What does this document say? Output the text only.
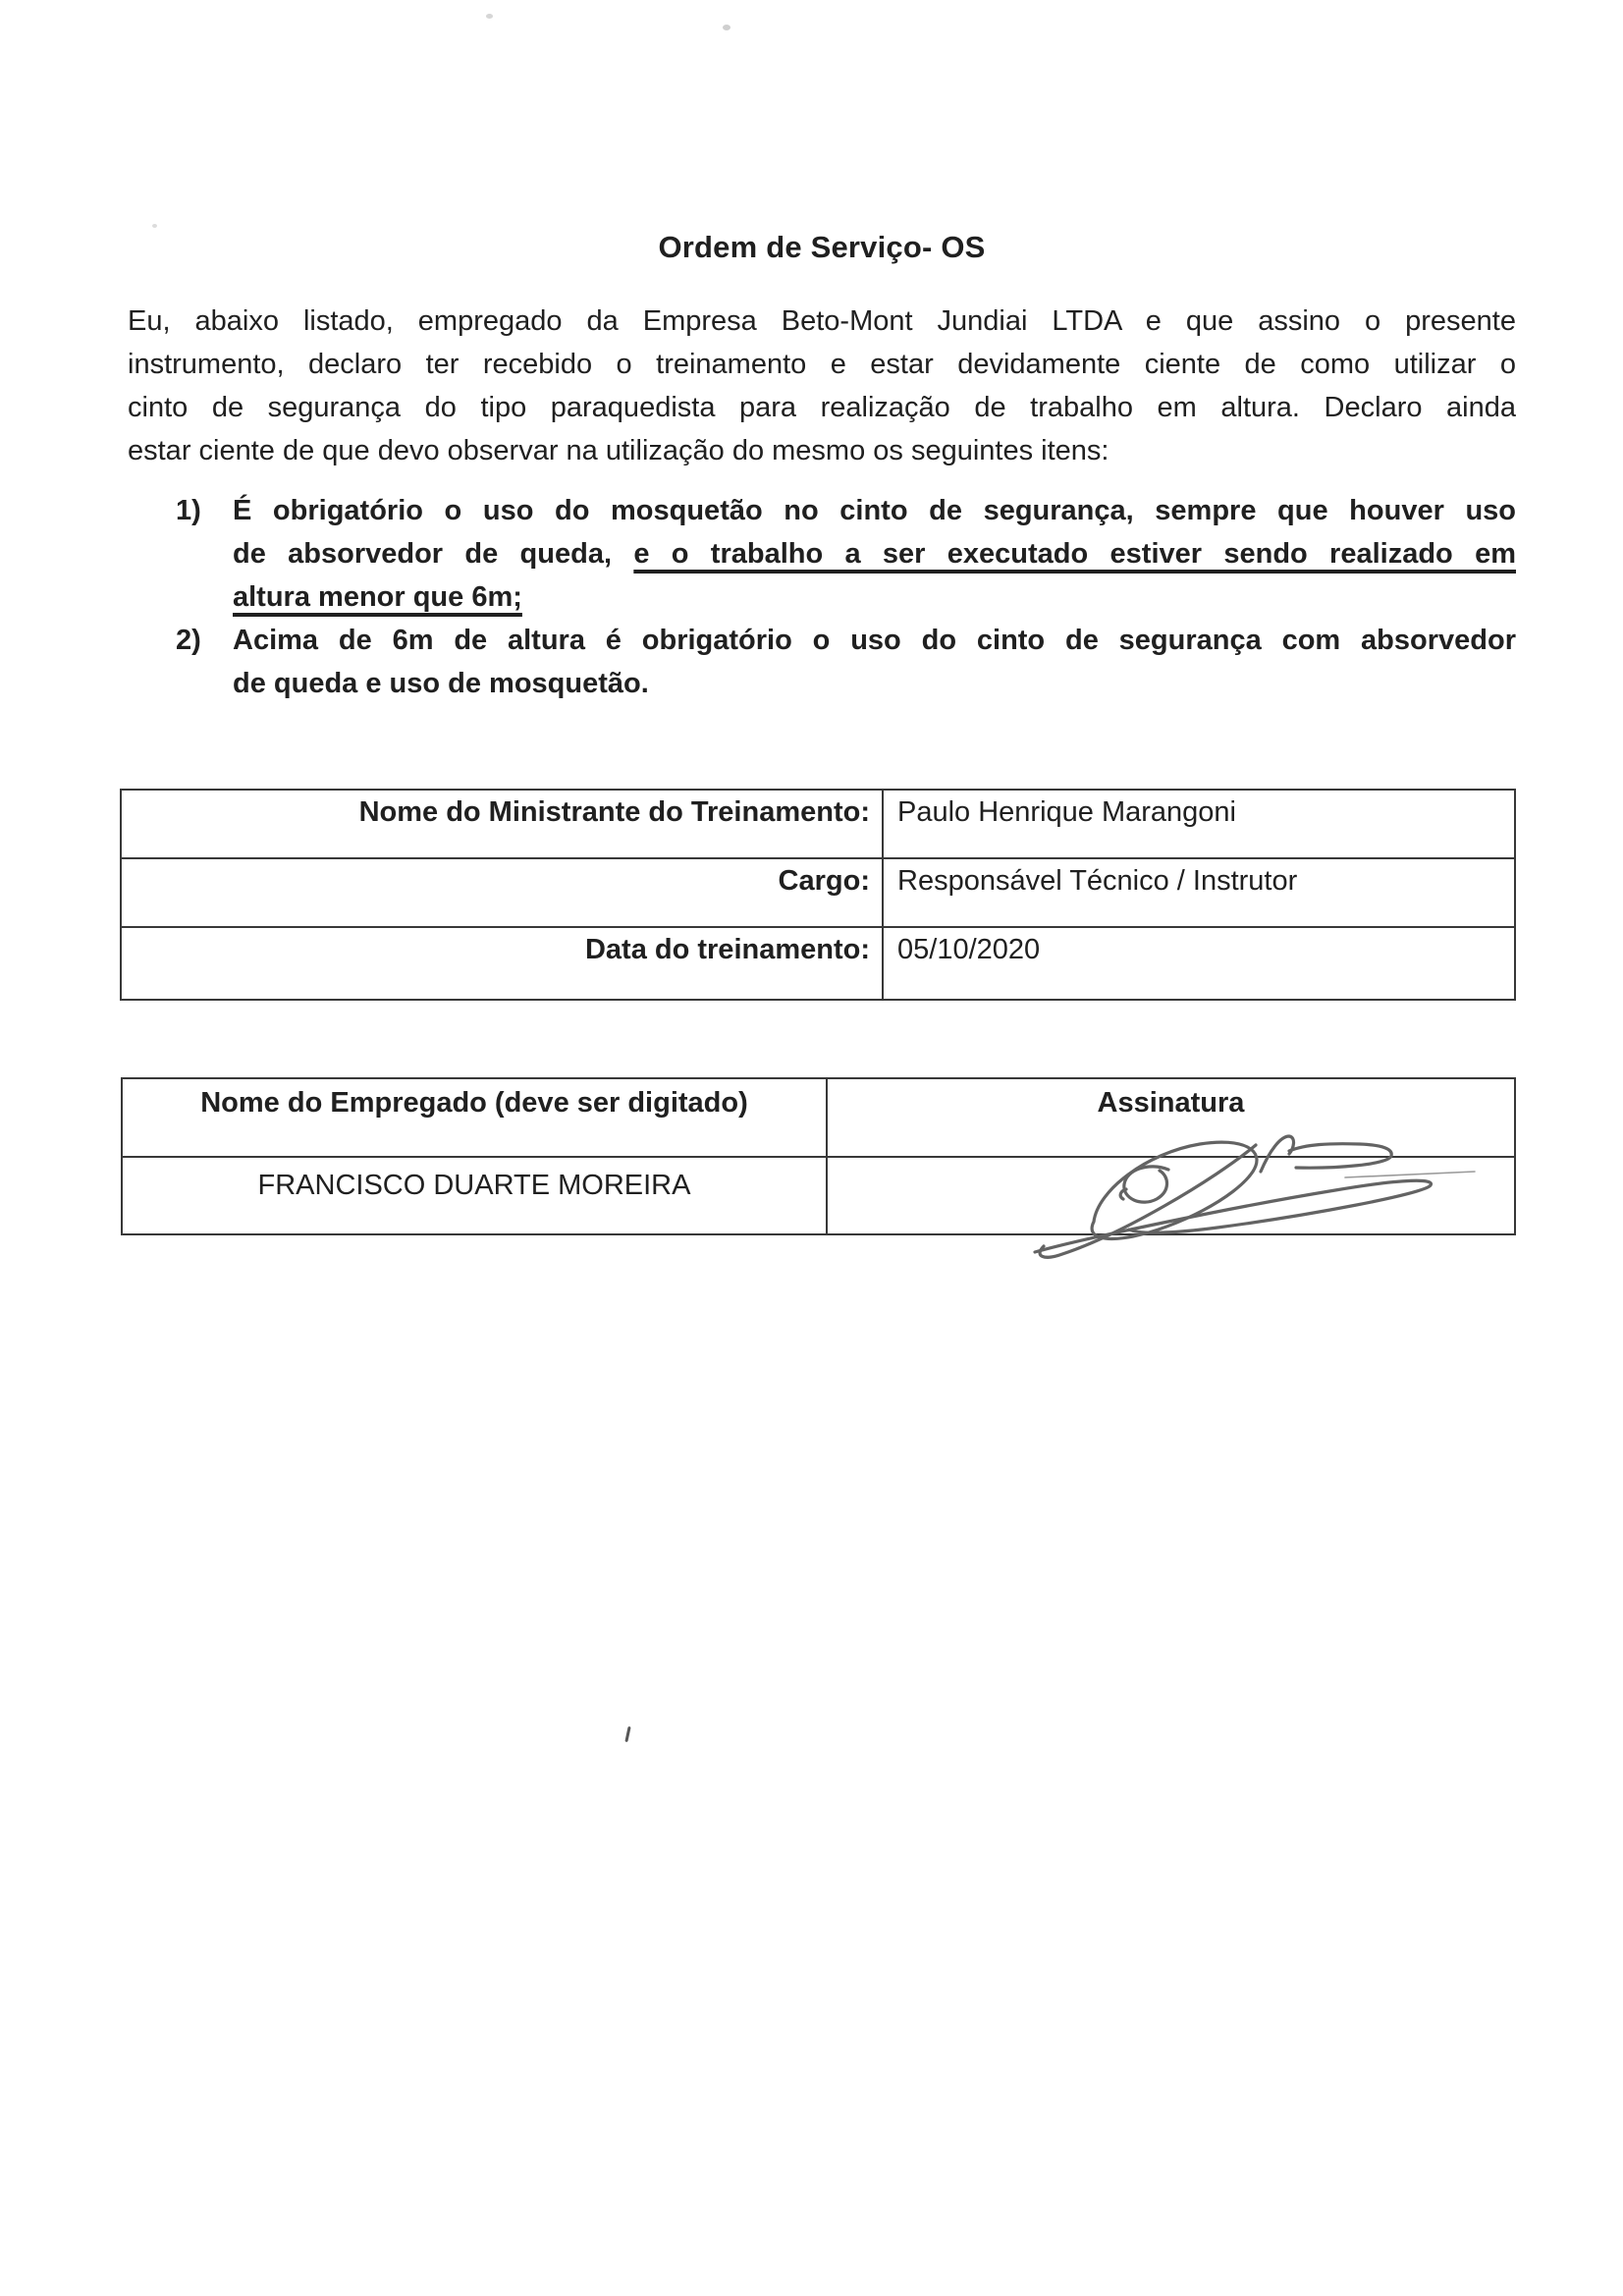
Ordem de Serviço- OS
Eu, abaixo listado, empregado da Empresa Beto-Mont Jundiai LTDA e que assino o presente
instrumento, declaro ter recebido o treinamento e estar devidamente ciente de como utilizar o
cinto de segurança do tipo paraquedista para realização de trabalho em altura. Declaro ainda
estar ciente de que devo observar na utilização do mesmo os seguintes itens:
1) É obrigatório o uso do mosquetão no cinto de segurança, sempre que houver uso
de absorvedor de queda, e o trabalho a ser executado estiver sendo realizado em
altura menor que 6m;
2) Acima de 6m de altura é obrigatório o uso do cinto de segurança com absorvedor
de queda e uso de mosquetão.
Nome do Ministrante do Treinamento:	Paulo Henrique Marangoni
Cargo:	Responsável Técnico / Instrutor
Data do treinamento:	05/10/2020
Nome do Empregado (deve ser digitado)	Assinatura
FRANCISCO DUARTE MOREIRA	
